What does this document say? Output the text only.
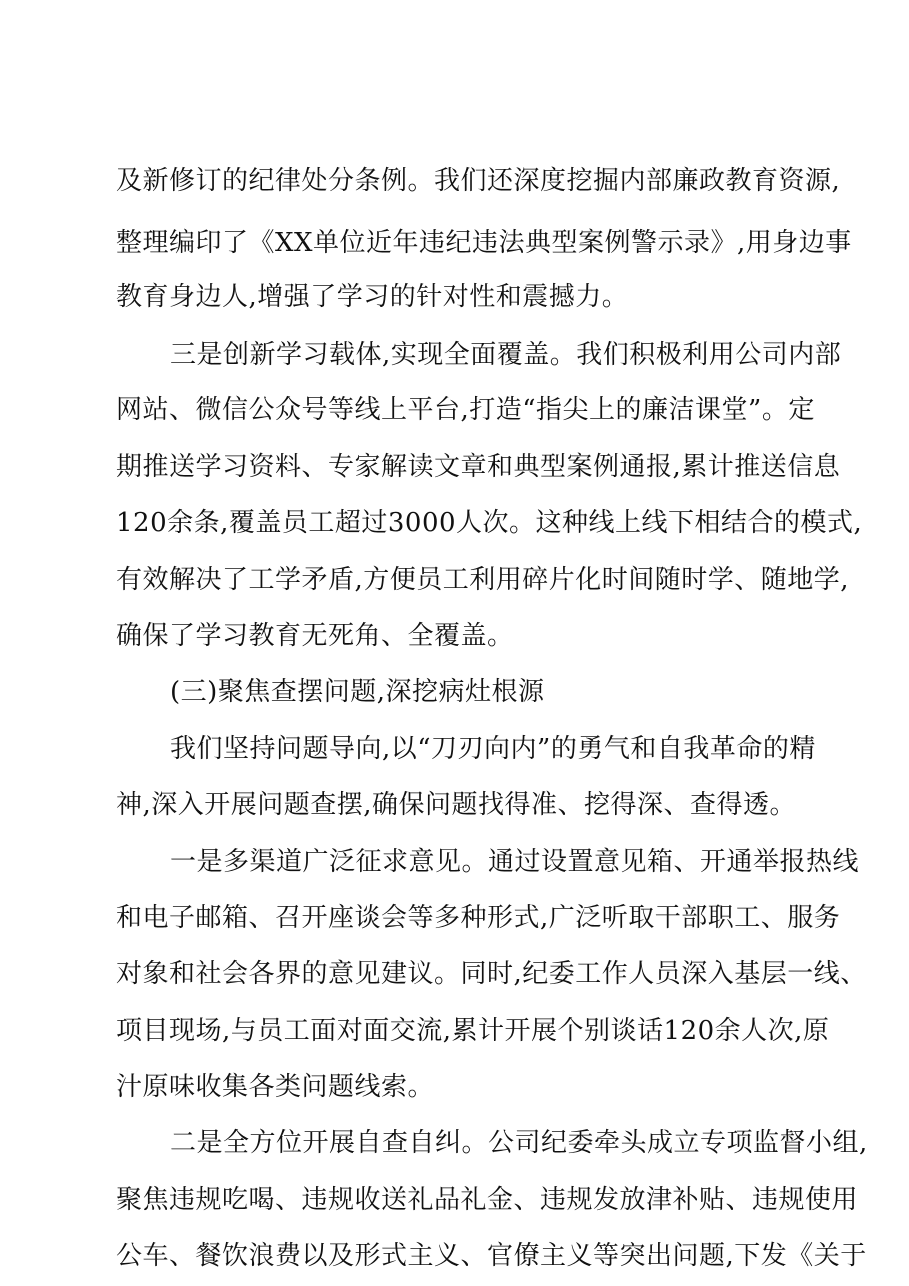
及新修订的纪律处分条例。我们还深度挖掘内部廉政教育资源,
整理编印了《XX单位近年违纪违法典型案例警示录》,用身边事
教育身边人,增强了学习的针对性和震撼力。
三是创新学习载体,实现全面覆盖。我们积极利用公司内部
网站、微信公众号等线上平台,打造“指尖上的廉洁课堂”。定
期推送学习资料、专家解读文章和典型案例通报,累计推送信息
120余条,覆盖员工超过3000人次。这种线上线下相结合的模式,
有效解决了工学矛盾,方便员工利用碎片化时间随时学、随地学,
确保了学习教育无死角、全覆盖。
(三)聚焦查摆问题,深挖病灶根源
我们坚持问题导向,以“刀刃向内”的勇气和自我革命的精
神,深入开展问题查摆,确保问题找得准、挖得深、查得透。
一是多渠道广泛征求意见。通过设置意见箱、开通举报热线
和电子邮箱、召开座谈会等多种形式,广泛听取干部职工、服务
对象和社会各界的意见建议。同时,纪委工作人员深入基层一线、
项目现场,与员工面对面交流,累计开展个别谈话120余人次,原
汁原味收集各类问题线索。
二是全方位开展自查自纠。公司纪委牵头成立专项监督小组,
聚焦违规吃喝、违规收送礼品礼金、违规发放津补贴、违规使用
公车、餐饮浪费以及形式主义、官僚主义等突出问题,下发《关于
